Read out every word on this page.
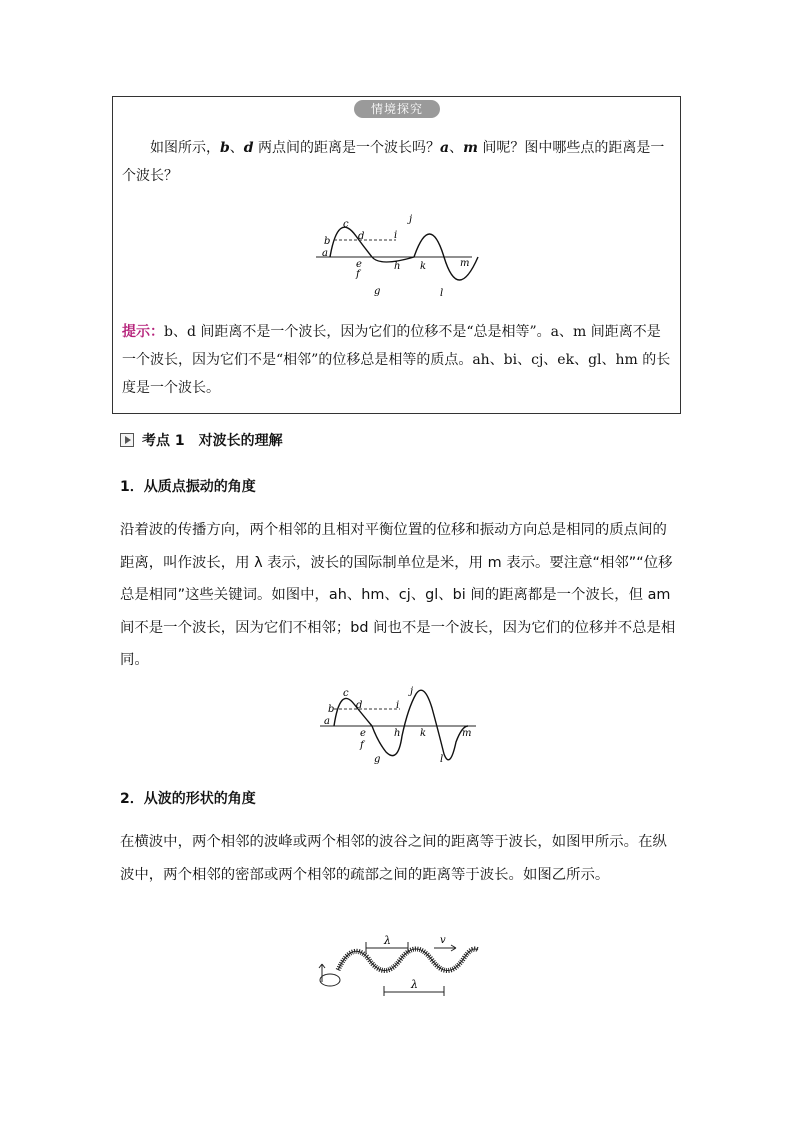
情境探究
如图所示，b、d 两点间的距离是一个波长吗？a、m 间呢？图中哪些点的距离是一个波长？
a
b
c
d
e
f
g
h
i
j
k
l
m
提示：b、d 间距离不是一个波长，因为它们的位移不是“总是相等”。a、m 间距离不是一个波长，因为它们不是“相邻”的位移总是相等的质点。ah、bi、cj、ek、gl、hm 的长度是一个波长。
考点 1　对波长的理解
1．从质点振动的角度
沿着波的传播方向，两个相邻的且相对平衡位置的位移和振动方向总是相同的质点间的距离，叫作波长，用 λ 表示，波长的国际制单位是米，用 m 表示。要注意“相邻”“位移总是相同”这些关键词。如图中，ah、hm、cj、gl、bi 间的距离都是一个波长，但 am 间不是一个波长，因为它们不相邻；bd 间也不是一个波长，因为它们的位移并不总是相同。
a
b
c
d
e
f
g
h
i
j
k
l
m
2．从波的形状的角度
在横波中，两个相邻的波峰或两个相邻的波谷之间的距离等于波长，如图甲所示。在纵波中，两个相邻的密部或两个相邻的疏部之间的距离等于波长。如图乙所示。
λ	v
λ
